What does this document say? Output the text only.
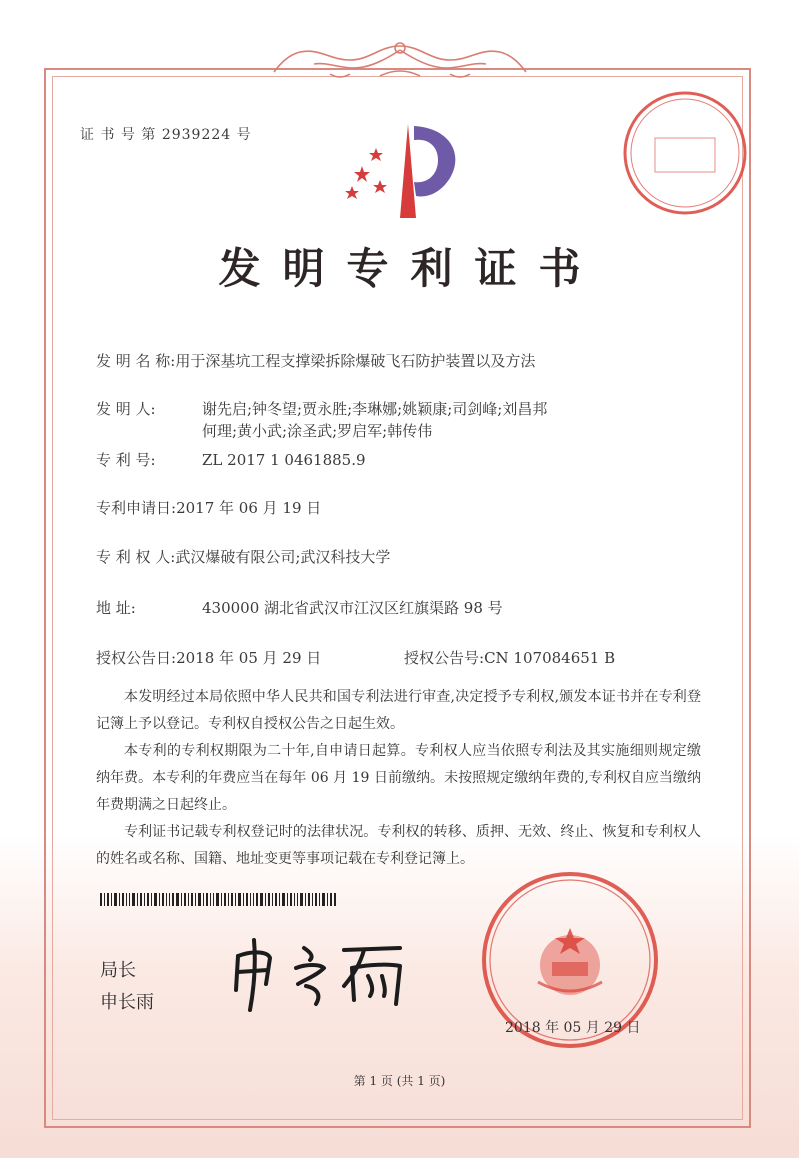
证 书 号 第 2939224 号
发明专利证书
发 明 名 称:用于深基坑工程支撑梁拆除爆破飞石防护装置以及方法
发 明 人:	谢先启;钟冬望;贾永胜;李琳娜;姚颖康;司剑峰;刘昌邦
何理;黄小武;涂圣武;罗启军;韩传伟
专 利 号:	ZL 2017 1 0461885.9
专利申请日:2017 年 06 月 19 日
专 利 权 人:武汉爆破有限公司;武汉科技大学
地 址:	430000 湖北省武汉市江汉区红旗渠路 98 号
授权公告日:2018 年 05 月 29 日	授权公告号:CN 107084651 B

本发明经过本局依照中华人民共和国专利法进行审查,决定授予专利权,颁发本证书并在专利登记簿上予以登记。专利权自授权公告之日起生效。

本专利的专利权期限为二十年,自申请日起算。专利权人应当依照专利法及其实施细则规定缴纳年费。本专利的年费应当在每年 06 月 19 日前缴纳。未按照规定缴纳年费的,专利权自应当缴纳年费期满之日起终止。

专利证书记载专利权登记时的法律状况。专利权的转移、质押、无效、终止、恢复和专利权人的姓名或名称、国籍、地址变更等事项记载在专利登记簿上。

局长
申长雨
2018 年 05 月 29 日
第 1 页 (共 1 页)
